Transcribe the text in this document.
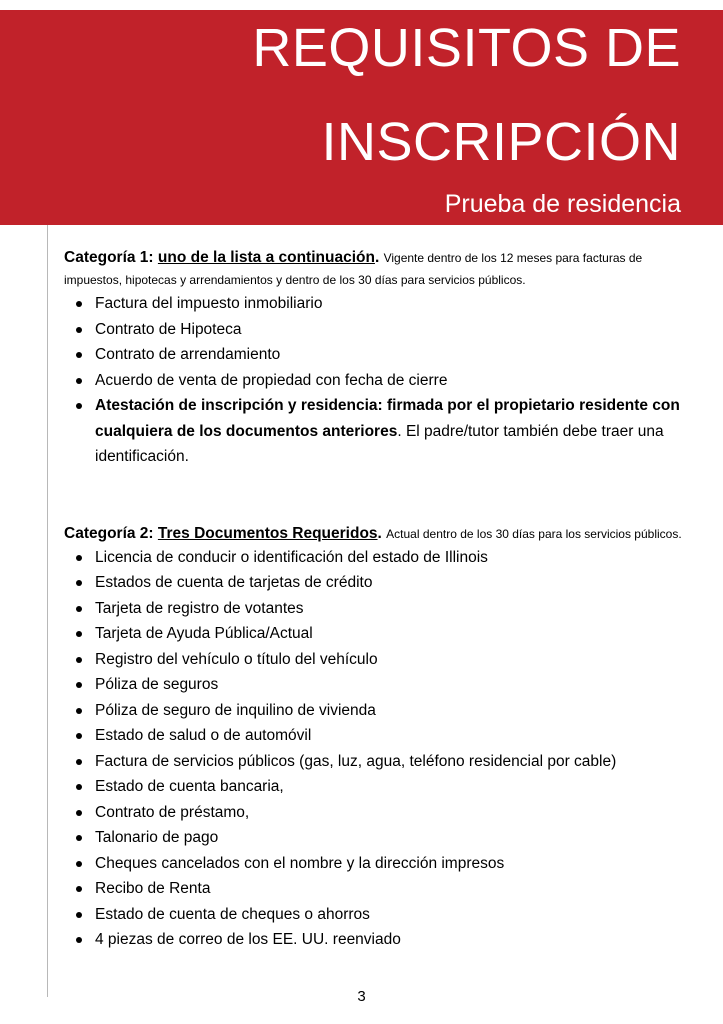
REQUISITOS DE
INSCRIPCIÓN
Prueba de residencia
Categoría 1: uno de la lista a continuación. Vigente dentro de los 12 meses para facturas de impuestos, hipotecas y arrendamientos y dentro de los 30 días para servicios públicos.
Factura del impuesto inmobiliario
Contrato de Hipoteca
Contrato de arrendamiento
Acuerdo de venta de propiedad con fecha de cierre
Atestación de inscripción y residencia: firmada por el propietario residente con cualquiera de los documentos anteriores. El padre/tutor también debe traer una identificación.
Categoría 2: Tres Documentos Requeridos. Actual dentro de los 30 días para los servicios públicos.
Licencia de conducir o identificación del estado de Illinois
Estados de cuenta de tarjetas de crédito
Tarjeta de registro de votantes
Tarjeta de Ayuda Pública/Actual
Registro del vehículo o título del vehículo
Póliza de seguros
Póliza de seguro de inquilino de vivienda
Estado de salud o de automóvil
Factura de servicios públicos (gas, luz, agua, teléfono residencial por cable)
Estado de cuenta bancaria,
Contrato de préstamo,
Talonario de pago
Cheques cancelados con el nombre y la dirección impresos
Recibo de Renta
Estado de cuenta de cheques o ahorros
4 piezas de correo de los EE. UU. reenviado
3
